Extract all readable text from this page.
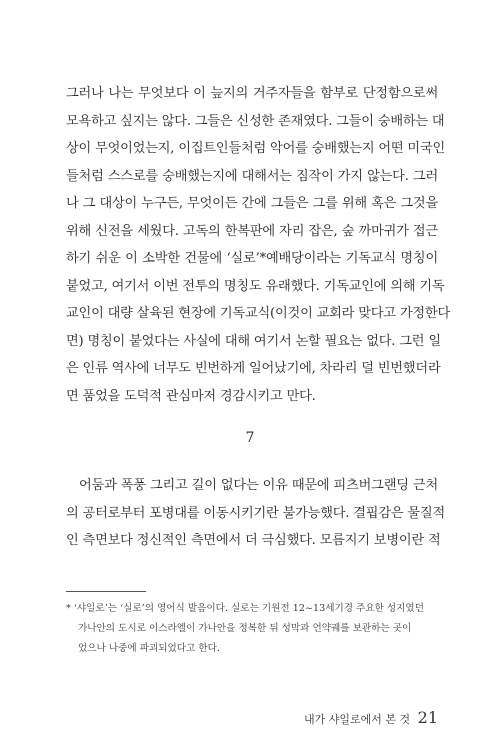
그러나 나는 무엇보다 이 늪지의 거주자들을 함부로 단정함으로써
모욕하고 싶지는 않다. 그들은 신성한 존재였다. 그들이 숭배하는 대
상이 무엇이었는지, 이집트인들처럼 악어를 숭배했는지 어떤 미국인
들처럼 스스로를 숭배했는지에 대해서는 짐작이 가지 않는다. 그러
나 그 대상이 누구든, 무엇이든 간에 그들은 그를 위해 혹은 그것을
위해 신전을 세웠다. 고독의 한복판에 자리 잡은, 숲 까마귀가 접근
하기 쉬운 이 소박한 건물에 ‘실로’*예배당이라는 기독교식 명칭이
붙었고, 여기서 이번 전투의 명칭도 유래했다. 기독교인에 의해 기독
교인이 대량 살육된 현장에 기독교식(이것이 교회라 맞다고 가정한다
면) 명칭이 붙었다는 사실에 대해 여기서 논할 필요는 없다. 그런 일
은 인류 역사에 너무도 빈번하게 일어났기에, 차라리 덜 빈번했더라
면 품었을 도덕적 관심마저 경감시키고 만다.
7
어둠과 폭풍 그리고 길이 없다는 이유 때문에 피츠버그랜딩 근처
의 공터로부터 포병대를 이동시키기란 불가능했다. 결핍감은 물질적
인 측면보다 정신적인 측면에서 더 극심했다. 모름지기 보병이란 적
* ‘샤일로’는 ‘실로’의 영어식 발음이다. 실로는 기원전 12~13세기경 주요한 성지였던
가나안의 도시로 이스라엘이 가나안을 정복한 뒤 성막과 언약궤를 보관하는 곳이
었으나 나중에 파괴되었다고 한다.
내가 샤일로에서 본 것 21
